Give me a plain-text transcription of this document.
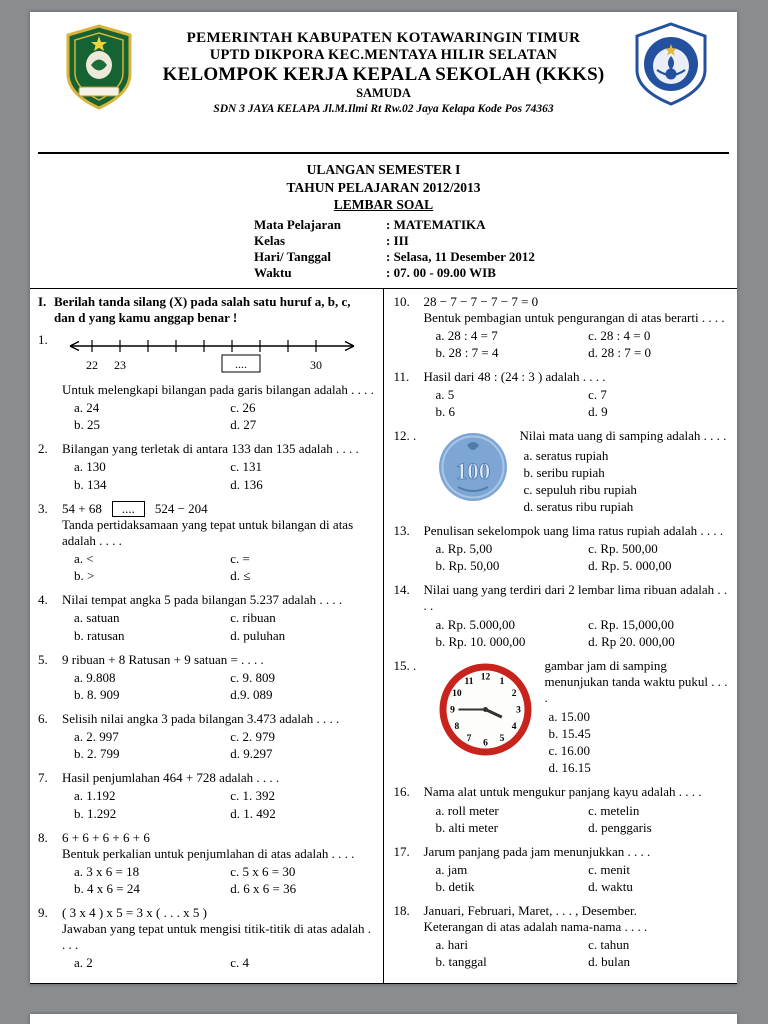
PEMERINTAH KABUPATEN KOTAWARINGIN TIMUR
UPTD DIKPORA KEC.MENTAYA HILIR SELATAN
KELOMPOK KERJA KEPALA SEKOLAH (KKKS)
SAMUDA
SDN 3 JAYA KELAPA Jl.M.Ilmi Rt Rw.02 Jaya Kelapa Kode Pos 74363
ULANGAN SEMESTER I
TAHUN PELAJARAN 2012/2013
LEMBAR SOAL
Mata Pelajaran	: MATEMATIKA
Kelas	: III
Hari/ Tanggal	: Selasa, 11 Desember 2012
Waktu	: 07. 00 - 09.00 WIB
I. Berilah tanda silang (X) pada salah satu huruf a, b, c, dan d yang kamu anggap benar !
1.
22 23	....	30
Untuk melengkapi bilangan pada garis bilangan adalah . . . .
a. 24	c. 26
b. 25	d. 27
2.	Bilangan yang terletak di antara 133 dan 135 adalah . . . .
a. 130	c. 131
b. 134	d. 136
3.	54 + 68 .... 524 − 204
Tanda pertidaksamaan yang tepat untuk bilangan di atas adalah . . . .
a. <	c. =
b. >	d. ≤
4.	Nilai tempat angka 5 pada bilangan 5.237 adalah . . . .
a. satuan	c. ribuan
b. ratusan	d. puluhan
5.	9 ribuan + 8 Ratusan + 9 satuan = . . . .
a. 9.808	c. 9. 809
b. 8. 909	d.9. 089
6.	Selisih nilai angka 3 pada bilangan 3.473 adalah . . . .
a. 2. 997	c. 2. 979
b. 2. 799	d. 9.297
7.	Hasil penjumlahan 464 + 728 adalah . . . .
a. 1.192	c. 1. 392
b. 1.292	d. 1. 492
8.	6 + 6 + 6 + 6 + 6
Bentuk perkalian untuk penjumlahan di atas adalah . . . .
a. 3 x 6 = 18	c. 5 x 6 = 30
b. 4 x 6 = 24	d. 6 x 6 = 36
9.	( 3 x 4 ) x 5 = 3 x ( . . . x 5 )
Jawaban yang tepat untuk mengisi titik-titik di atas adalah . . . .
a. 2	c. 4
10.	28 − 7 − 7 − 7 − 7 = 0
Bentuk pembagian untuk pengurangan di atas berarti . . . .
a. 28 : 4 = 7	c. 28 : 4 = 0
b. 28 : 7 = 4	d. 28 : 7 = 0
11.	Hasil dari 48 : (24 : 3 ) adalah . . . .
a. 5	c. 7
b. 6	d. 9
12. .
100
Nilai mata uang di samping adalah . . . .
a. seratus rupiah
b. seribu rupiah
c. sepuluh ribu rupiah
d. seratus ribu rupiah
13.	Penulisan sekelompok uang lima ratus rupiah adalah . . . .
a. Rp. 5,00	c. Rp. 500,00
b. Rp. 50,00	d. Rp. 5. 000,00
14.	Nilai uang yang terdiri dari 2 lembar lima ribuan adalah . . . .
a. Rp. 5.000,00	c. Rp. 15,000,00
b. Rp. 10. 000,00	d. Rp 20. 000,00
15. .
12 1
2
3
4
5
6
7
8
9
10
11
gambar jam di samping menunjukan tanda waktu pukul . . . .
a. 15.00
b. 15.45
c. 16.00
d. 16.15
16.	Nama alat untuk mengukur panjang kayu adalah . . . .
a. roll meter	c. metelin
b. alti meter	d. penggaris
17.	Jarum panjang pada jam menunjukkan . . . .
a. jam	c. menit
b. detik	d. waktu
18.	Januari, Februari, Maret, . . . , Desember.
Keterangan di atas adalah nama-nama . . . .
a. hari	c. tahun
b. tanggal	d. bulan
